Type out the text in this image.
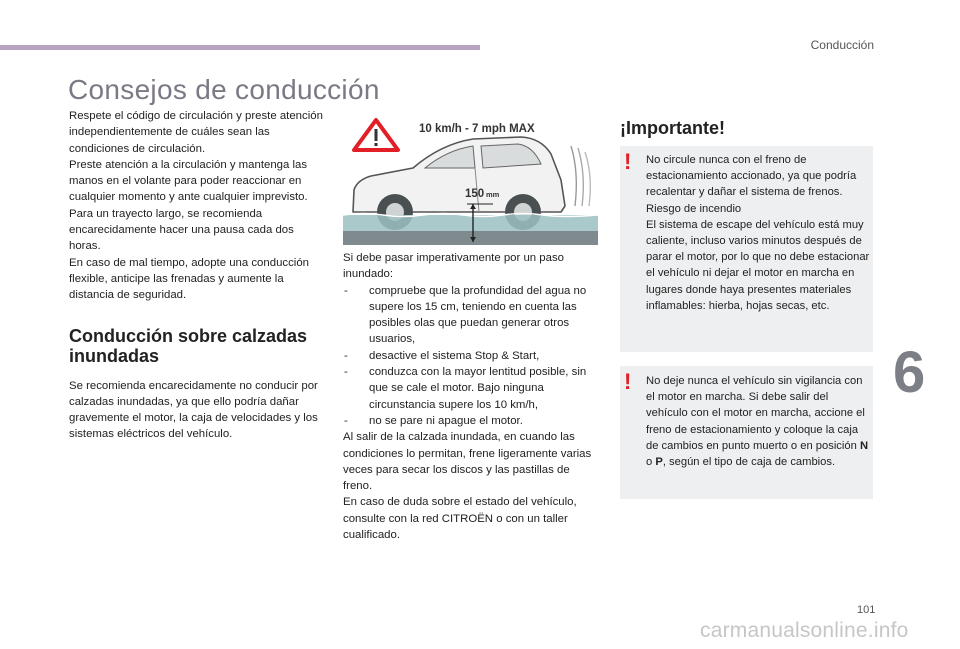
Conducción
6
101
carmanualsonline.info
Consejos de conducción

Respete el código de circulación y preste atención independientemente de cuáles sean las condiciones de circulación.

Preste atención a la circulación y mantenga las manos en el volante para poder reaccionar en cualquier momento y ante cualquier imprevisto.

Para un trayecto largo, se recomienda encarecidamente hacer una pausa cada dos horas.

En caso de mal tiempo, adopte una conducción flexible, anticipe las frenadas y aumente la distancia de seguridad.

Conducción sobre calzadas inundadas

Se recomienda encarecidamente no conducir por calzadas inundadas, ya que ello podría dañar gravemente el motor, la caja de velocidades y los sistemas eléctricos del vehículo.

10 km/h - 7 mph MAX
150 mm

Si debe pasar imperativamente por un paso inundado:

- compruebe que la profundidad del agua no supere los 15 cm, teniendo en cuenta las posibles olas que puedan generar otros usuarios,
- desactive el sistema Stop & Start,
- conduzca con la mayor lentitud posible, sin que se cale el motor. Bajo ninguna circunstancia supere los 10 km/h,
- no se pare ni apague el motor.

Al salir de la calzada inundada, en cuando las condiciones lo permitan, frene ligeramente varias veces para secar los discos y las pastillas de freno.

En caso de duda sobre el estado del vehículo, consulte con la red CITROËN o con un taller cualificado.

¡Importante!
! No circule nunca con el freno de estacionamiento accionado, ya que podría recalentar y dañar el sistema de frenos.

Riesgo de incendio

El sistema de escape del vehículo está muy caliente, incluso varios minutos después de parar el motor, por lo que no debe estacionar el vehículo ni dejar el motor en marcha en lugares donde haya presentes materiales inflamables: hierba, hojas secas, etc.

! No deje nunca el vehículo sin vigilancia con el motor en marcha. Si debe salir del vehículo con el motor en marcha, accione el freno de estacionamiento y coloque la caja de cambios en punto muerto o en posición N o P, según el tipo de caja de cambios.
